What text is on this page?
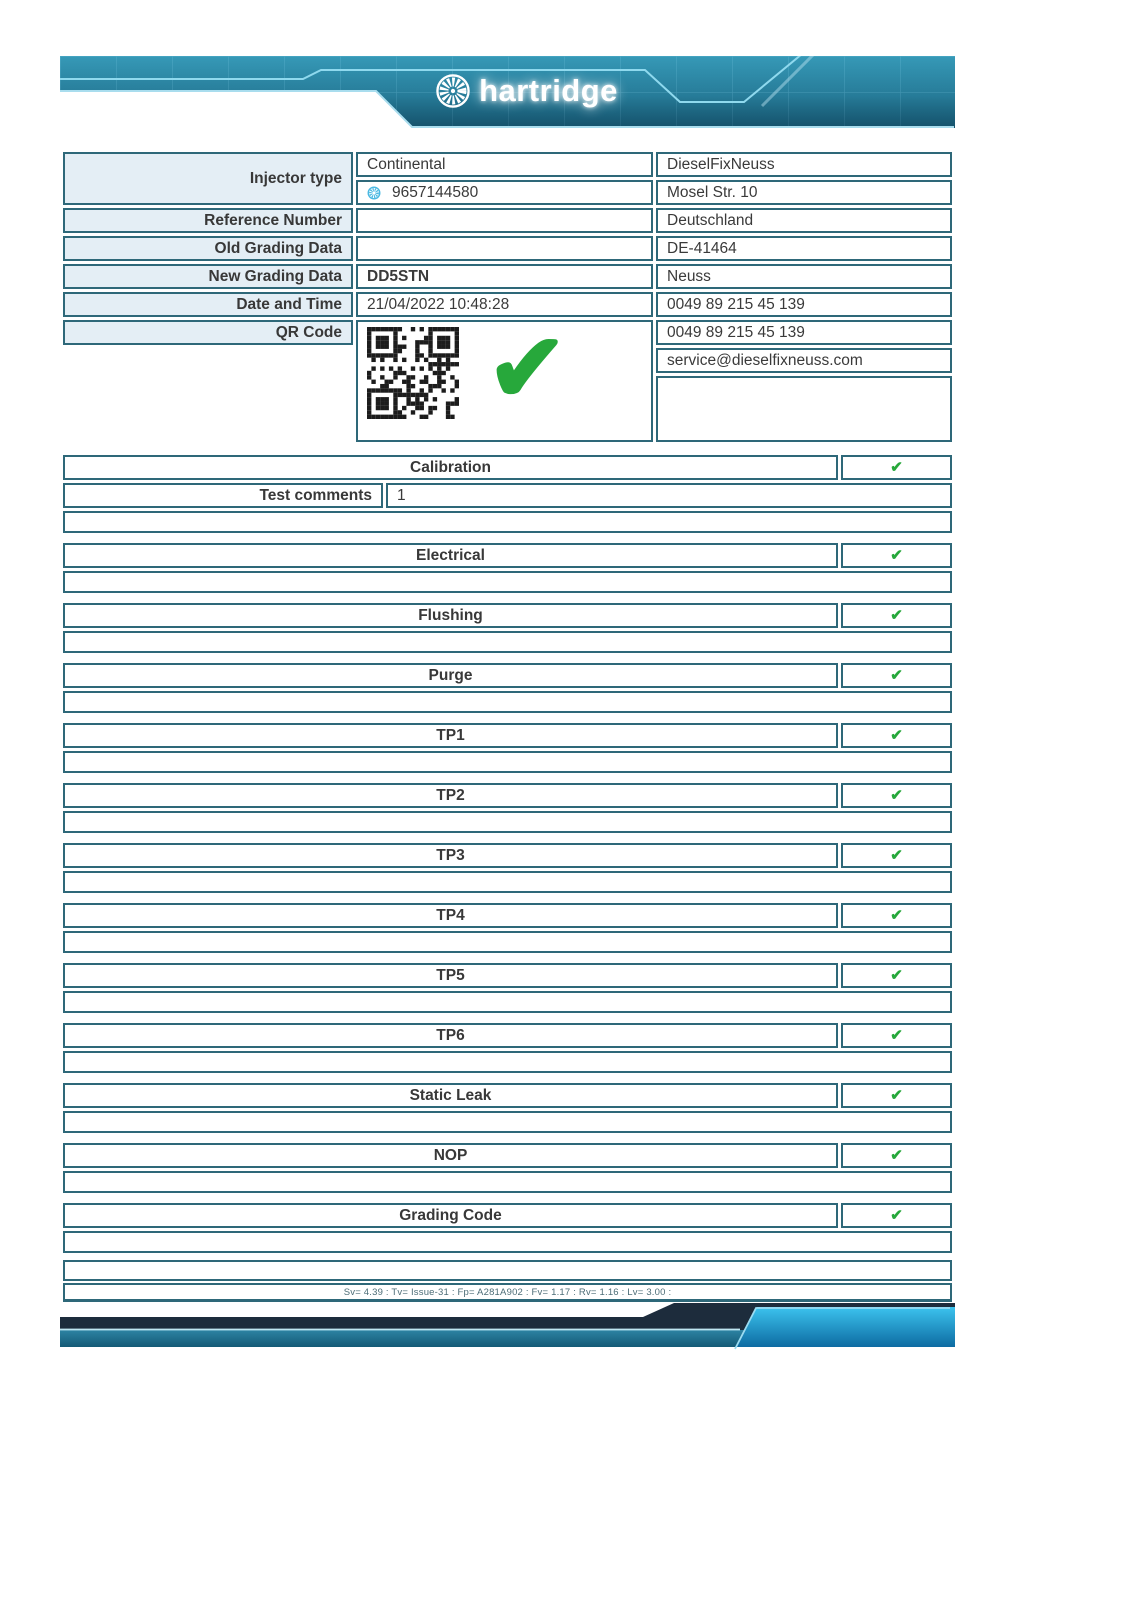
hartridge
Injector type	Continental	DieselFixNeuss

	9657144580	Mosel Str. 10
Reference Number		Deutschland
Old Grading Data		DE-41464
New Grading Data	DD5STN	Neuss
Date and Time	21/04/2022 10:48:28	0049 89 215 45 139
QR Code	✔	0049 89 215 45 139
		service@dieselfixneuss.com

Calibration		✔
Test comments	1	

Electrical	✔

Flushing	✔

Purge	✔

TP1	✔

TP2	✔

TP3	✔

TP4	✔

TP5	✔

TP6	✔

Static Leak	✔

NOP	✔

Grading Code	✔

Sv= 4.39 : Tv= Issue-31 : Fp= A281A902 : Fv= 1.17 : Rv= 1.16 : Lv= 3.00 :
